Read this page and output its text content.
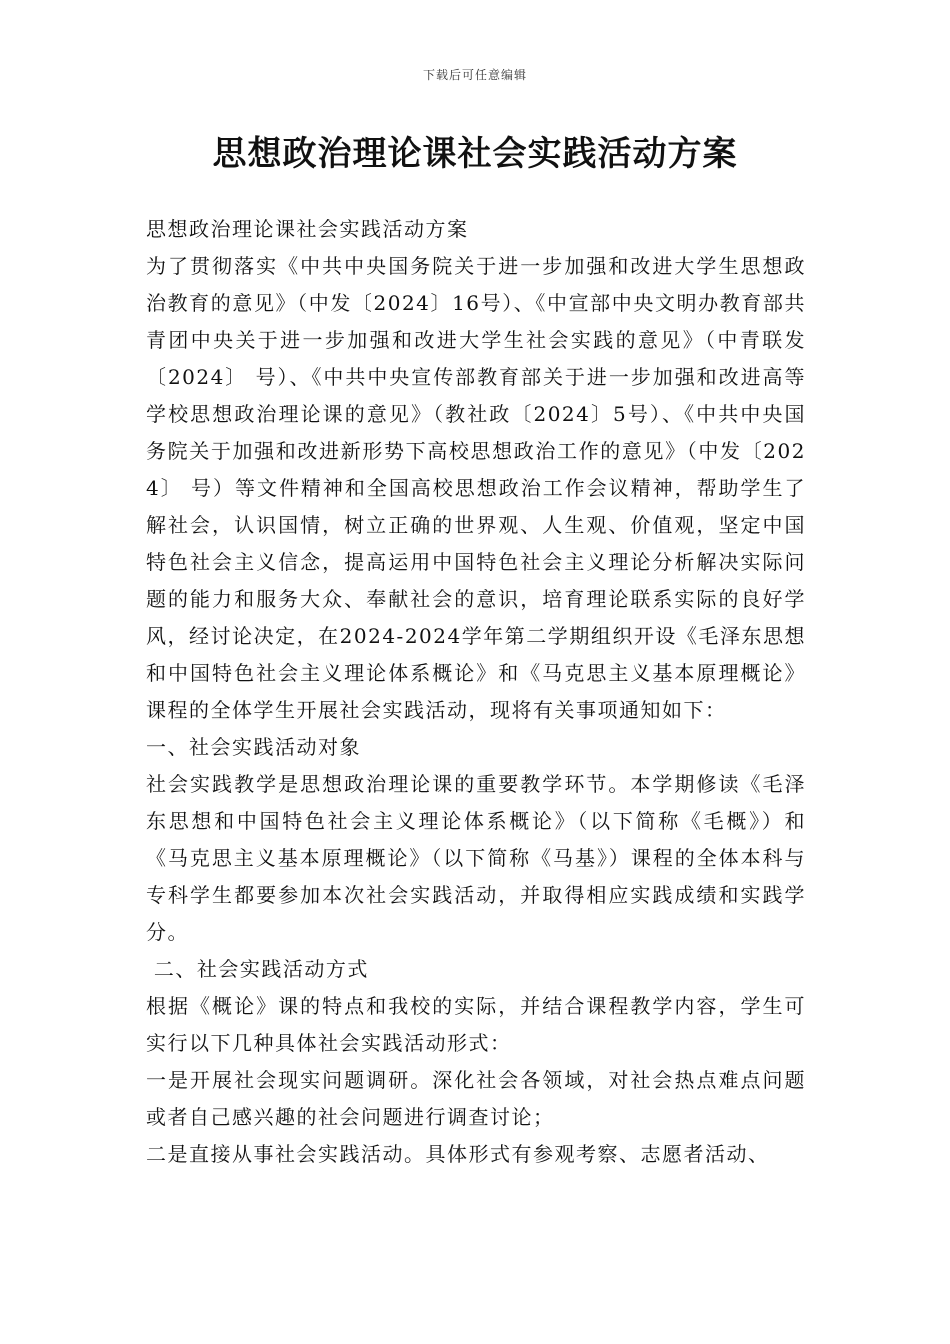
下载后可任意编辑
思想政治理论课社会实践活动方案

思想政治理论课社会实践活动方案

为了贯彻落实《中共中央国务院关于进一步加强和改进大学生思想政治教育的意见》（中发〔2024〕16号）、《中宣部中央文明办教育部共青团中央关于进一步加强和改进大学生社会实践的意见》（中青联发〔2024〕 号）、《中共中央宣传部教育部关于进一步加强和改进高等学校思想政治理论课的意见》（教社政〔2024〕5号）、《中共中央国务院关于加强和改进新形势下高校思想政治工作的意见》（中发〔2024〕 号）等文件精神和全国高校思想政治工作会议精神，帮助学生了解社会，认识国情，树立正确的世界观、人生观、价值观，坚定中国特色社会主义信念，提高运用中国特色社会主义理论分析解决实际问题的能力和服务大众、奉献社会的意识，培育理论联系实际的良好学风，经讨论决定，在2024-2024学年第二学期组织开设《毛泽东思想和中国特色社会主义理论体系概论》和《马克思主义基本原理概论》课程的全体学生开展社会实践活动，现将有关事项通知如下：

一、社会实践活动对象

社会实践教学是思想政治理论课的重要教学环节。本学期修读《毛泽东思想和中国特色社会主义理论体系概论》（以下简称《毛概》）和《马克思主义基本原理概论》（以下简称《马基》）课程的全体本科与专科学生都要参加本次社会实践活动，并取得相应实践成绩和实践学分。

二、社会实践活动方式

根据《概论》课的特点和我校的实际，并结合课程教学内容，学生可实行以下几种具体社会实践活动形式：

一是开展社会现实问题调研。深化社会各领域，对社会热点难点问题或者自己感兴趣的社会问题进行调查讨论；

二是直接从事社会实践活动。具体形式有参观考察、志愿者活动、
